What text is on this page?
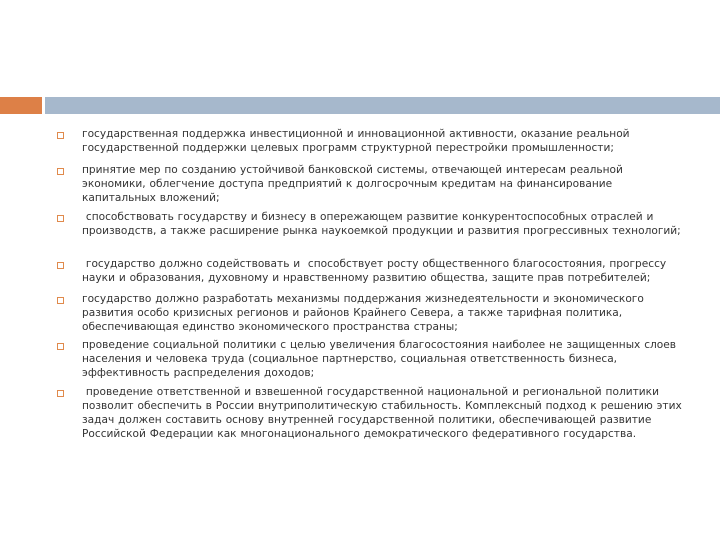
государственная поддержка инвестиционной и инновационной активности, оказание реальной государственной поддержки целевых программ структурной перестройки промышленности;
принятие мер по созданию устойчивой банковской системы, отвечающей интересам реальной экономики, облегчение доступа предприятий к долгосрочным кредитам на финансирование капитальных вложений;
способствовать государству и бизнесу в опережающем развитие конкурентоспособных отраслей и производств, а также расширение рынка наукоемкой продукции и развития прогрессивных технологий;
государство должно содействовать и  способствует росту общественного благосостояния, прогрессу науки и образования, духовному и нравственному развитию общества, защите прав потребителей;
государство должно разработать механизмы поддержания жизнедеятельности и экономического развития особо кризисных регионов и районов Крайнего Севера, а также тарифная политика, обеспечивающая единство экономического пространства страны;
проведение социальной политики с целью увеличения благосостояния наиболее не защищенных слоев населения и человека труда (социальное партнерство, социальная ответственность бизнеса, эффективность распределения доходов;
проведение ответственной и взвешенной государственной национальной и региональной политики позволит обеспечить в России внутриполитическую стабильность. Комплексный подход к решению этих задач должен составить основу внутренней государственной политики, обеспечивающей развитие Российской Федерации как многонационального демократического федеративного государства.
